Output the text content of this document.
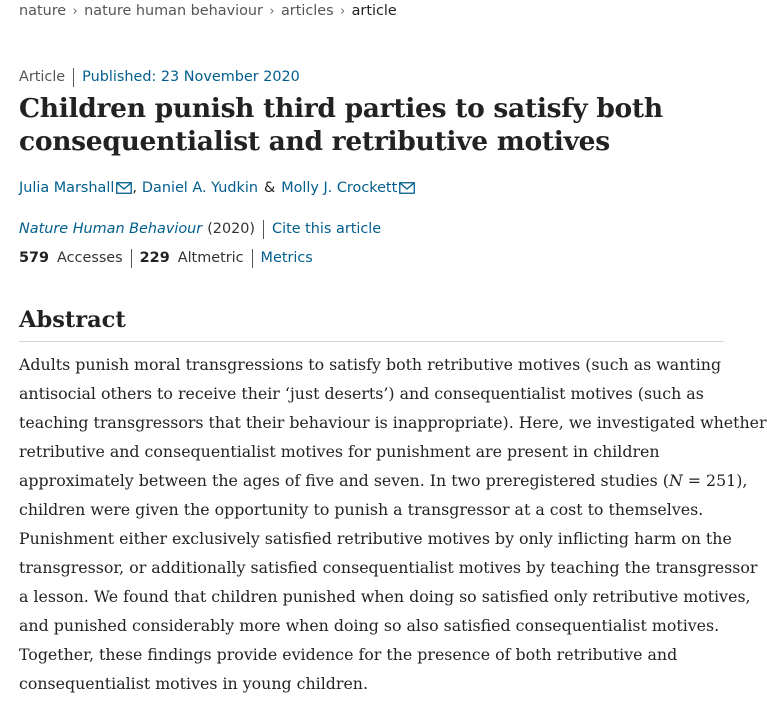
nature › nature human behaviour › articles › article
Article Published: 23 November 2020
Children punish third parties to satisfy both consequentialist and retributive motives
Julia Marshall , Daniel A. Yudkin & Molly J. Crockett
Nature Human Behaviour (2020) Cite this article
579 Accesses 229 Altmetric Metrics
Abstract
Adults punish moral transgressions to satisfy both retributive motives (such as wanting
antisocial others to receive their ‘just deserts’) and consequentialist motives (such as
teaching transgressors that their behaviour is inappropriate). Here, we investigated whether
retributive and consequentialist motives for punishment are present in children
approximately between the ages of five and seven. In two preregistered studies (N = 251),
children were given the opportunity to punish a transgressor at a cost to themselves.
Punishment either exclusively satisfied retributive motives by only inflicting harm on the
transgressor, or additionally satisfied consequentialist motives by teaching the transgressor
a lesson. We found that children punished when doing so satisfied only retributive motives,
and punished considerably more when doing so also satisfied consequentialist motives.
Together, these findings provide evidence for the presence of both retributive and
consequentialist motives in young children.
